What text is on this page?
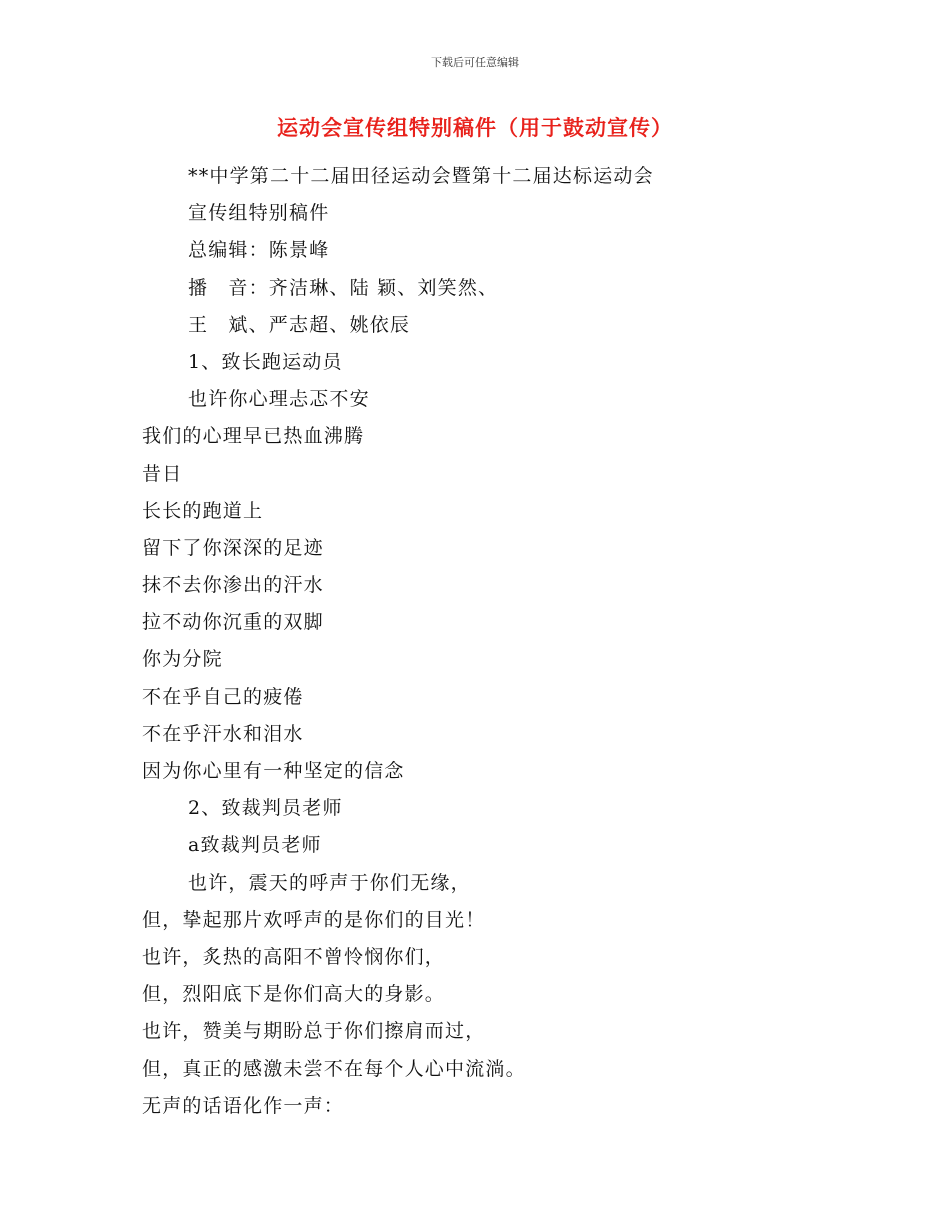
下载后可任意编辑
运动会宣传组特别稿件（用于鼓动宣传）
**中学第二十二届田径运动会暨第十二届达标运动会
宣传组特别稿件
总编辑：陈景峰
播　音：齐洁琳、陆 颖、刘笑然、
王　斌、严志超、姚依辰
1、致长跑运动员
也许你心理忐忑不安
我们的心理早已热血沸腾
昔日
长长的跑道上
留下了你深深的足迹
抹不去你渗出的汗水
拉不动你沉重的双脚
你为分院
不在乎自己的疲倦
不在乎汗水和泪水
因为你心里有一种坚定的信念
2、致裁判员老师
a致裁判员老师
也许，震天的呼声于你们无缘，
但，挚起那片欢呼声的是你们的目光！
也许，炙热的高阳不曾怜悯你们，
但，烈阳底下是你们高大的身影。
也许，赞美与期盼总于你们擦肩而过，
但，真正的感激未尝不在每个人心中流淌。
无声的话语化作一声：
